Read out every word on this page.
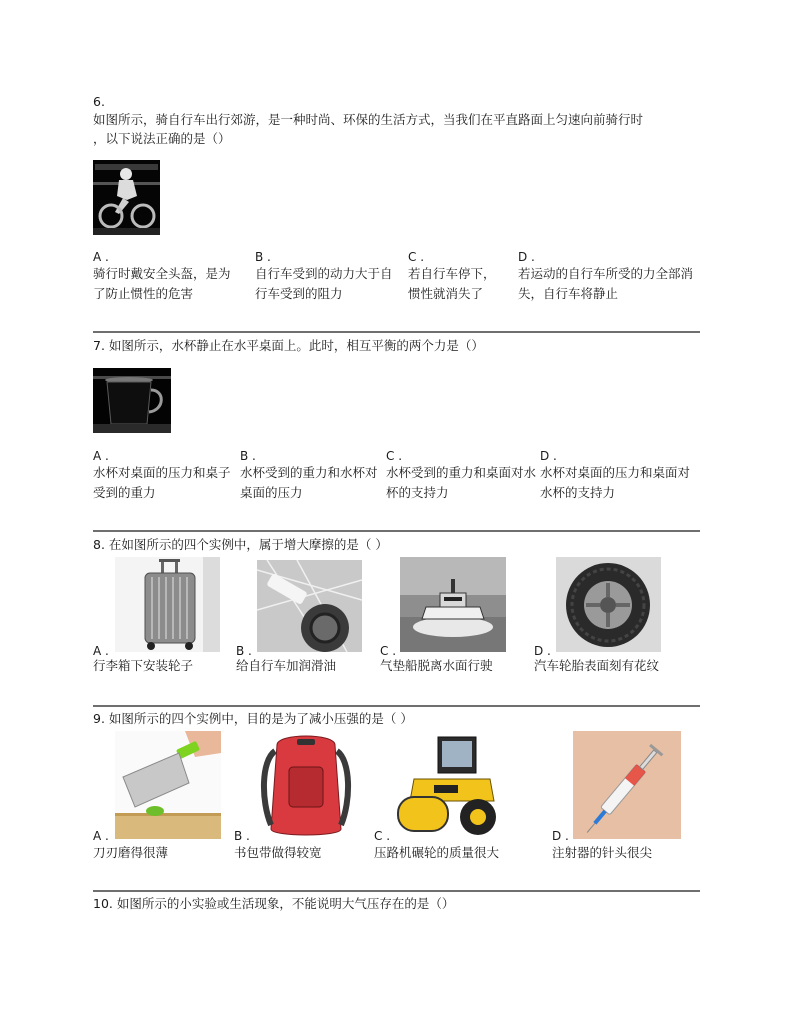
6.
如图所示，骑自行车出行郊游，是一种时尚、环保的生活方式，当我们在平直路面上匀速向前骑行时
，以下说法正确的是（）
A .
骑行时戴安全头盔，是为了防止惯性的危害
B .
自行车受到的动力大于自行车受到的阻力
C .
若自行车停下，惯性就消失了
D .
若运动的自行车所受的力全部消失，自行车将静止
7. 如图所示，水杯静止在水平桌面上。此时，相互平衡的两个力是（）
A .
水杯对桌面的压力和桌子受到的重力
B .
水杯受到的重力和水杯对桌面的压力
C .
水杯受到的重力和桌面对水杯的支持力
D .
水杯对桌面的压力和桌面对水杯的支持力
8. 在如图所示的四个实例中，属于增大摩擦的是（ ）
A .
行李箱下安装轮子
B .
给自行车加润滑油
C .
气垫船脱离水面行驶
D .
汽车轮胎表面刻有花纹
9. 如图所示的四个实例中，目的是为了减小压强的是（ ）
A .
刀刃磨得很薄
B .
书包带做得较宽
C .
压路机碾轮的质量很大
D .
注射器的针头很尖
10. 如图所示的小实验或生活现象，不能说明大气压存在的是（）
